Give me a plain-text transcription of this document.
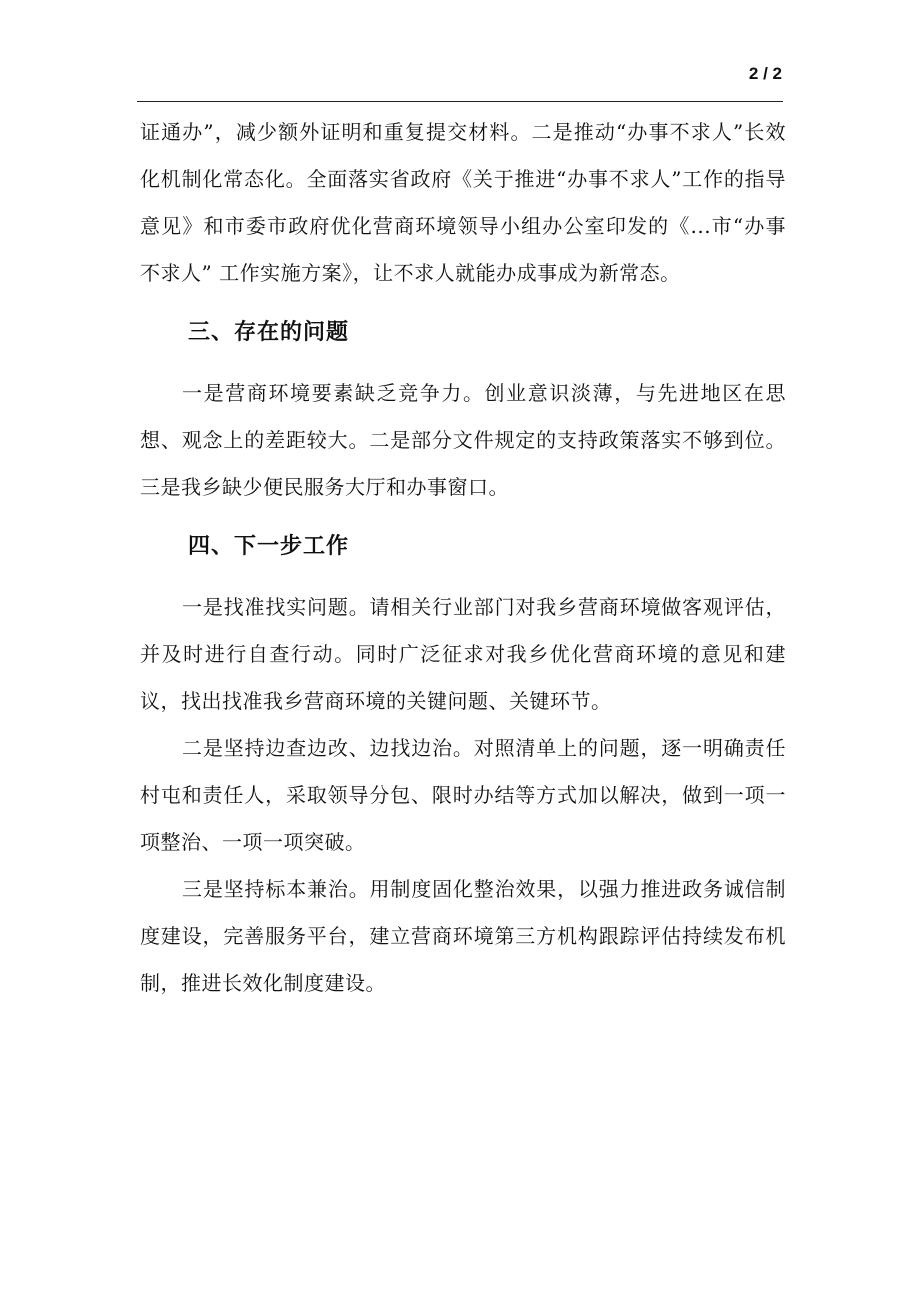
2 / 2

证通办”，减少额外证明和重复提交材料。二是推动“办事不求人”长效化机制化常态化。全面落实省政府《关于推进“办事不求人”工作的指导意见》和市委市政府优化营商环境领导小组办公室印发的《...市“办事不求人” 工作实施方案》，让不求人就能办成事成为新常态。

三、存在的问题

一是营商环境要素缺乏竞争力。创业意识淡薄，与先进地区在思想、观念上的差距较大。二是部分文件规定的支持政策落实不够到位。三是我乡缺少便民服务大厅和办事窗口。

四、下一步工作

一是找准找实问题。请相关行业部门对我乡营商环境做客观评估，并及时进行自查行动。同时广泛征求对我乡优化营商环境的意见和建议，找出找准我乡营商环境的关键问题、关键环节。

二是坚持边查边改、边找边治。对照清单上的问题，逐一明确责任村屯和责任人，采取领导分包、限时办结等方式加以解决，做到一项一项整治、一项一项突破。

三是坚持标本兼治。用制度固化整治效果，以强力推进政务诚信制度建设，完善服务平台，建立营商环境第三方机构跟踪评估持续发布机制，推进长效化制度建设。
